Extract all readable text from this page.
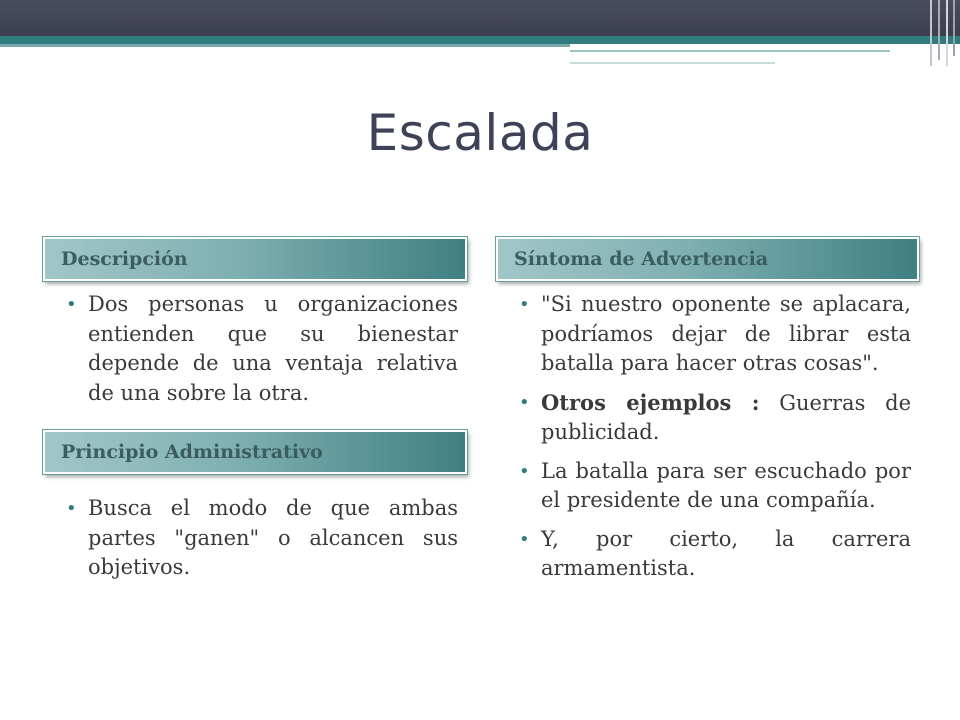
Escalada
Descripción
• Dos personas u organizaciones entienden que su bienestar depende de una ventaja relativa de una sobre la otra.
Síntoma de Advertencia
• "Si nuestro oponente se aplacara, podríamos dejar de librar esta batalla para hacer otras cosas".
• Otros ejemplos : Guerras de publicidad.
• La batalla para ser escuchado por el presidente de una compañía.
• Y, por cierto, la carrera armamentista.
Principio Administrativo
• Busca el modo de que ambas partes "ganen" o alcancen sus objetivos.
